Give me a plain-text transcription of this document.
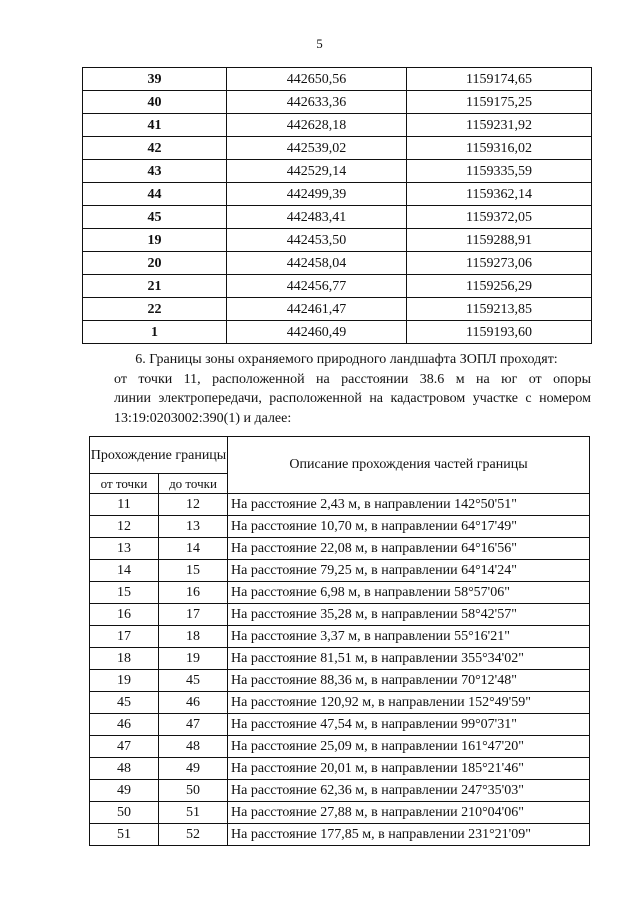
5
39	442650,56	1159174,65
40	442633,36	1159175,25
41	442628,18	1159231,92
42	442539,02	1159316,02
43	442529,14	1159335,59
44	442499,39	1159362,14
45	442483,41	1159372,05
19	442453,50	1159288,91
20	442458,04	1159273,06
21	442456,77	1159256,29
22	442461,47	1159213,85
1	442460,49	1159193,60
6. Границы зоны охраняемого природного ландшафта ЗОПЛ проходят:
от точки 11, расположенной на расстоянии 38.6 м на юг от опоры
линии электропередачи, расположенной на кадастровом участке с номером
13:19:0203002:390(1) и далее:
Прохождение границы		Описание прохождения частей границы
от точки	до точки	
11	12	На расстояние 2,43 м, в направлении 142°50'51"
12	13	На расстояние 10,70 м, в направлении 64°17'49"
13	14	На расстояние 22,08 м, в направлении 64°16'56"
14	15	На расстояние 79,25 м, в направлении 64°14'24"
15	16	На расстояние 6,98 м, в направлении 58°57'06"
16	17	На расстояние 35,28 м, в направлении 58°42'57"
17	18	На расстояние 3,37 м, в направлении 55°16'21"
18	19	На расстояние 81,51 м, в направлении 355°34'02"
19	45	На расстояние 88,36 м, в направлении 70°12'48"
45	46	На расстояние 120,92 м, в направлении 152°49'59"
46	47	На расстояние 47,54 м, в направлении 99°07'31"
47	48	На расстояние 25,09 м, в направлении 161°47'20"
48	49	На расстояние 20,01 м, в направлении 185°21'46"
49	50	На расстояние 62,36 м, в направлении 247°35'03"
50	51	На расстояние 27,88 м, в направлении 210°04'06"
51	52	На расстояние 177,85 м, в направлении 231°21'09"
